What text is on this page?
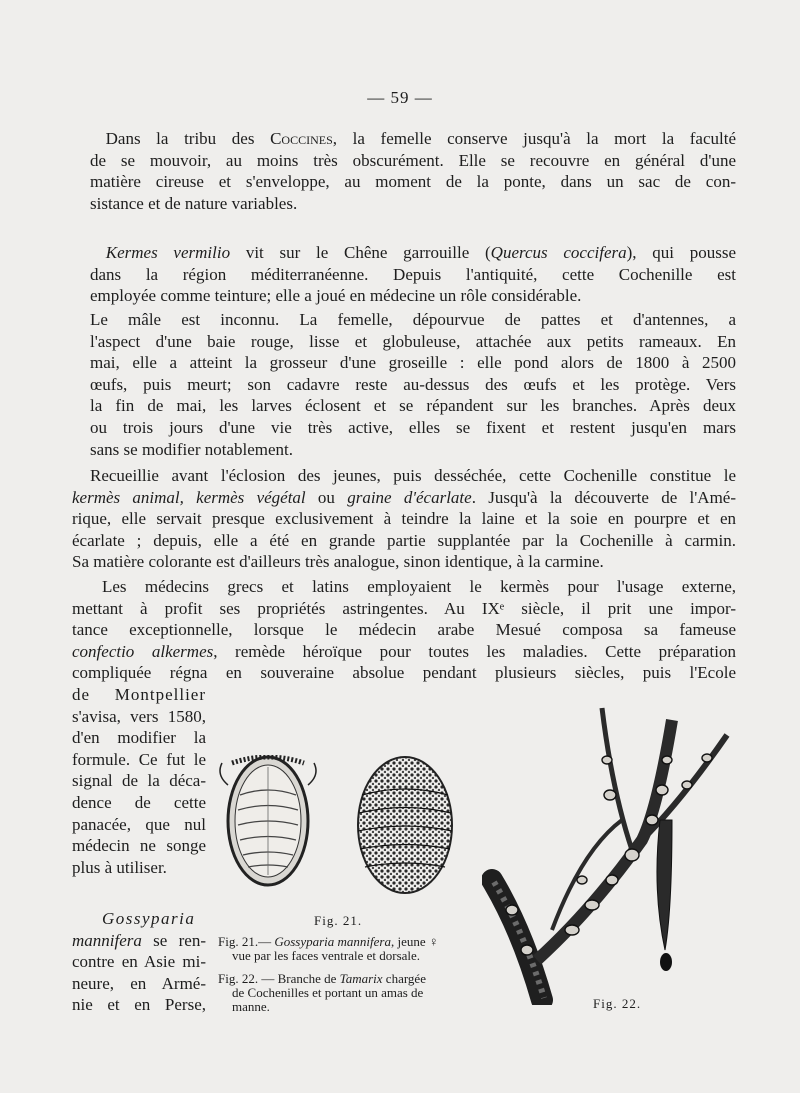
— 59 —
Dans la tribu des Coccines, la femelle conserve jusqu'à la mort la faculté
de se mouvoir, au moins très obscurément. Elle se recouvre en général d'une
matière cireuse et s'enveloppe, au moment de la ponte, dans un sac de con-
sistance et de nature variables.
Kermes vermilio vit sur le Chêne garrouille (Quercus coccifera), qui pousse
dans la région méditerranéenne. Depuis l'antiquité, cette Cochenille est
employée comme teinture; elle a joué en médecine un rôle considérable.
Le mâle est inconnu. La femelle, dépourvue de pattes et d'antennes, a
l'aspect d'une baie rouge, lisse et globuleuse, attachée aux petits rameaux. En
mai, elle a atteint la grosseur d'une groseille : elle pond alors de 1800 à 2500
œufs, puis meurt; son cadavre reste au-dessus des œufs et les protège. Vers
la fin de mai, les larves éclosent et se répandent sur les branches. Après deux
ou trois jours d'une vie très active, elles se fixent et restent jusqu'en mars
sans se modifier notablement.
Recueillie avant l'éclosion des jeunes, puis desséchée, cette Cochenille constitue le
kermès animal, kermès végétal ou graine d'écarlate. Jusqu'à la découverte de l'Amé-
rique, elle servait presque exclusivement à teindre la laine et la soie en pourpre et en
écarlate ; depuis, elle a été en grande partie supplantée par la Cochenille à carmin.
Sa matière colorante est d'ailleurs très analogue, sinon identique, à la carmine.
Les médecins grecs et latins employaient le kermès pour l'usage externe,
mettant à profit ses propriétés astringentes. Au IXᵉ siècle, il prit une impor-
tance exceptionnelle, lorsque le médecin arabe Mesué composa sa fameuse
confectio alkermes, remède héroïque pour toutes les maladies. Cette préparation
compliquée régna en souveraine absolue pendant plusieurs siècles, puis l'Ecole
de Montpellier
s'avisa, vers 1580,
d'en modifier la
formule. Ce fut le
signal de la déca-
dence de cette
panacée, que nul
médecin ne songe
plus à utiliser.
Gossyparia
mannifera se ren-
contre en Asie mi-
neure, en Armé-
nie et en Perse,
Fig. 21.
Fig. 21.— Gossyparia mannifera, jeune ♀
vue par les faces ventrale et dorsale.
Fig. 22. — Branche de Tamarix chargée
de Cochenilles et portant un amas de
manne.	Fig. 22.
